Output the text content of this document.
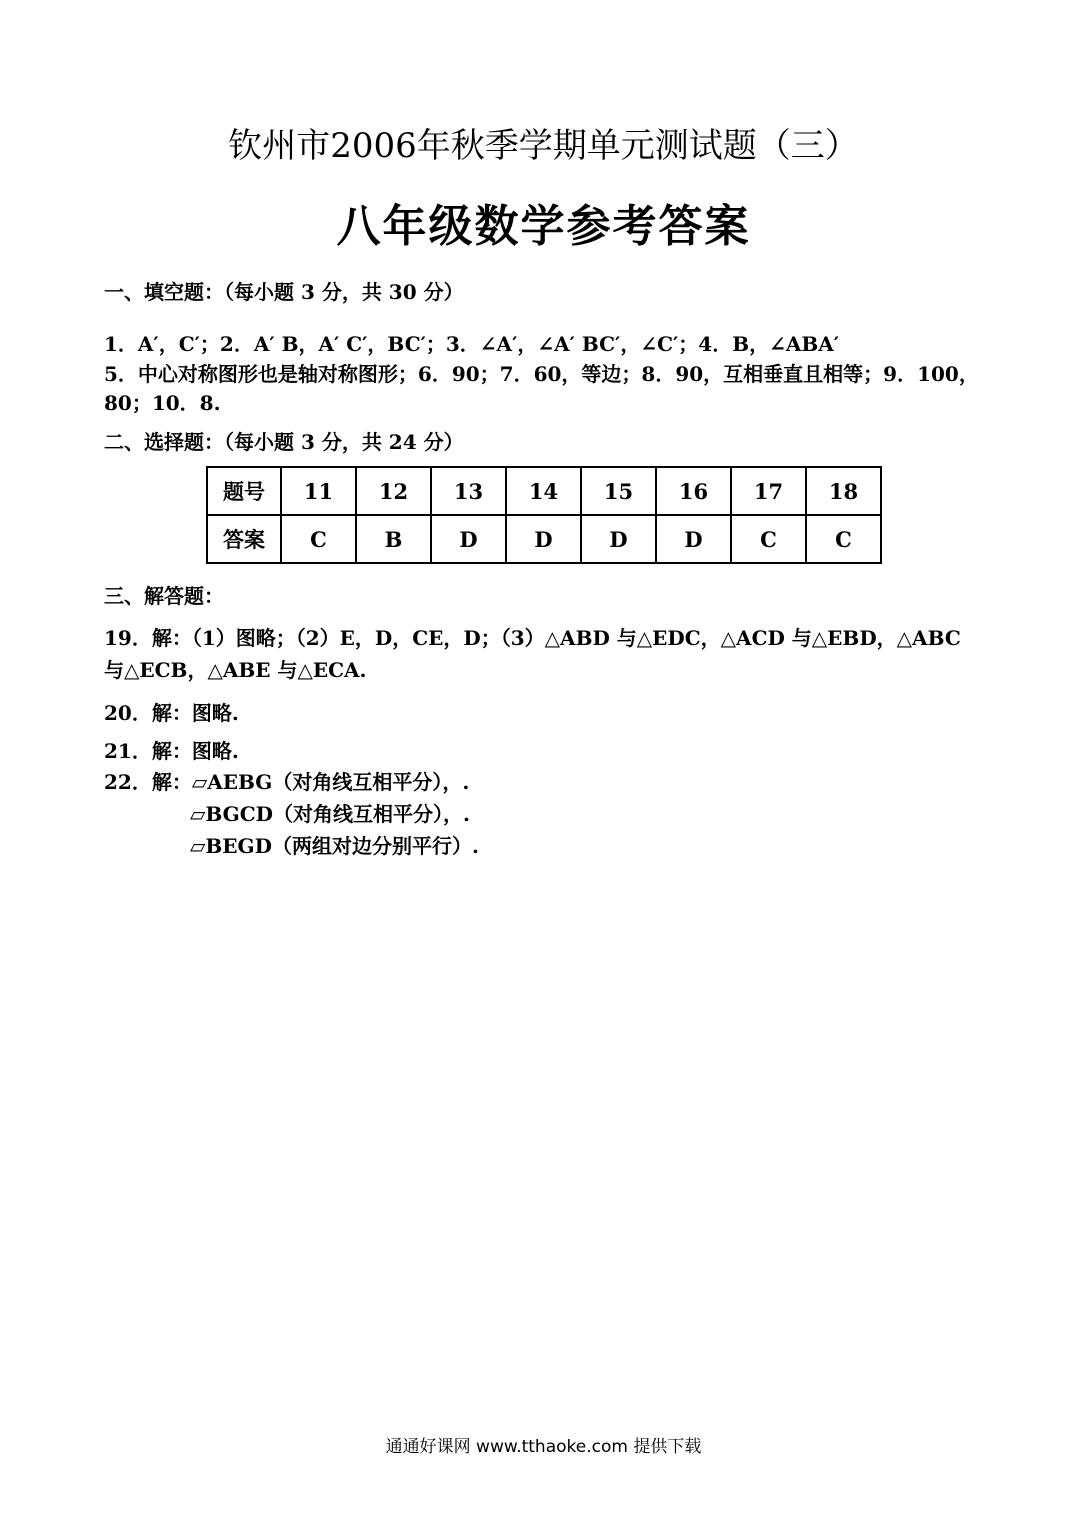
钦州市2006年秋季学期单元测试题（三）
八年级数学参考答案
一、填空题：（每小题 3 分，共 30 分）
1．A′，C′；2．A′ B，A′ C′，BC′；3．∠A′，∠A′ BC′，∠C′；4．B，∠ABA′
5．中心对称图形也是轴对称图形；6．90；7．60，等边；8．90，互相垂直且相等；9．100，
80；10．8.
二、选择题：（每小题 3 分，共 24 分）
题号	11	12	13	14	15	16	17	18
答案	C	B	D	D	D	D	C	C
三、解答题：
19．解：（1）图略；（2）E，D，CE，D；（3）△ABD 与△EDC，△ACD 与△EBD，△ABC
与△ECB，△ABE 与△ECA.
20．解：图略.
21．解：图略.
22．解：▱AEBG（对角线互相平分），.
▱BGCD（对角线互相平分），.
▱BEGD（两组对边分别平行）.
通通好课网 www.tthaoke.com 提供下载
